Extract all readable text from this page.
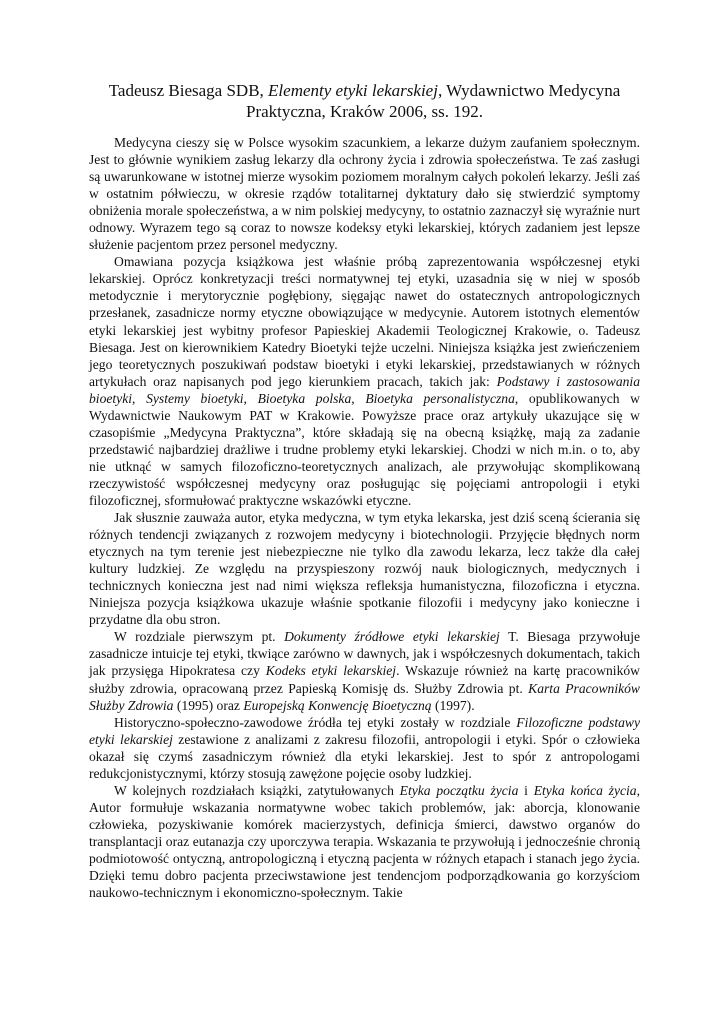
Tadeusz Biesaga SDB, Elementy etyki lekarskiej, Wydawnictwo Medycyna Praktyczna, Kraków 2006, ss. 192.

Medycyna cieszy się w Polsce wysokim szacunkiem, a lekarze dużym zaufaniem społecznym. Jest to głównie wynikiem zasług lekarzy dla ochrony życia i zdrowia społeczeństwa. Te zaś zasługi są uwarunkowane w istotnej mierze wysokim poziomem moralnym całych pokoleń lekarzy. Jeśli zaś w ostatnim półwieczu, w okresie rządów totalitarnej dyktatury dało się stwierdzić symptomy obniżenia morale społeczeństwa, a w nim polskiej medycyny, to ostatnio zaznaczył się wyraźnie nurt odnowy. Wyrazem tego są coraz to nowsze kodeksy etyki lekarskiej, których zadaniem jest lepsze służenie pacjentom przez personel medyczny.

Omawiana pozycja książkowa jest właśnie próbą zaprezentowania współczesnej etyki lekarskiej. Oprócz konkretyzacji treści normatywnej tej etyki, uzasadnia się w niej w sposób metodycznie i merytorycznie pogłębiony, sięgając nawet do ostatecznych antropologicznych przesłanek, zasadnicze normy etyczne obowiązujące w medycynie. Autorem istotnych elementów etyki lekarskiej jest wybitny profesor Papieskiej Akademii Teologicznej Krakowie, o. Tadeusz Biesaga. Jest on kierownikiem Katedry Bioetyki tejże uczelni. Niniejsza książka jest zwieńczeniem jego teoretycznych poszukiwań podstaw bioetyki i etyki lekarskiej, przedstawianych w różnych artykułach oraz napisanych pod jego kierunkiem pracach, takich jak: Podstawy i zastosowania bioetyki, Systemy bioetyki, Bioetyka polska, Bioetyka personalistyczna, opublikowanych w Wydawnictwie Naukowym PAT w Krakowie. Powyższe prace oraz artykuły ukazujące się w czasopiśmie „Medycyna Praktyczna”, które składają się na obecną książkę, mają za zadanie przedstawić najbardziej drażliwe i trudne problemy etyki lekarskiej. Chodzi w nich m.in. o to, aby nie utknąć w samych filozoficzno-teoretycznych analizach, ale przywołując skomplikowaną rzeczywistość współczesnej medycyny oraz posługując się pojęciami antropologii i etyki filozoficznej, sformułować praktyczne wskazówki etyczne.

Jak słusznie zauważa autor, etyka medyczna, w tym etyka lekarska, jest dziś sceną ścierania się różnych tendencji związanych z rozwojem medycyny i biotechnologii. Przyjęcie błędnych norm etycznych na tym terenie jest niebezpieczne nie tylko dla zawodu lekarza, lecz także dla całej kultury ludzkiej. Ze względu na przyspieszony rozwój nauk biologicznych, medycznych i technicznych konieczna jest nad nimi większa refleksja humanistyczna, filozoficzna i etyczna. Niniejsza pozycja książkowa ukazuje właśnie spotkanie filozofii i medycyny jako konieczne i przydatne dla obu stron.

W rozdziale pierwszym pt. Dokumenty źródłowe etyki lekarskiej T. Biesaga przywołuje zasadnicze intuicje tej etyki, tkwiące zarówno w dawnych, jak i współczesnych dokumentach, takich jak przysięga Hipokratesa czy Kodeks etyki lekarskiej. Wskazuje również na kartę pracowników służby zdrowia, opracowaną przez Papieską Komisję ds. Służby Zdrowia pt. Karta Pracowników Służby Zdrowia (1995) oraz Europejską Konwencję Bioetyczną (1997).

Historyczno-społeczno-zawodowe źródła tej etyki zostały w rozdziale Filozoficzne podstawy etyki lekarskiej zestawione z analizami z zakresu filozofii, antropologii i etyki. Spór o człowieka okazał się czymś zasadniczym również dla etyki lekarskiej. Jest to spór z antropologami redukcjonistycznymi, którzy stosują zawężone pojęcie osoby ludzkiej.

W kolejnych rozdziałach książki, zatytułowanych Etyka początku życia i Etyka końca życia, Autor formułuje wskazania normatywne wobec takich problemów, jak: aborcja, klonowanie człowieka, pozyskiwanie komórek macierzystych, definicja śmierci, dawstwo organów do transplantacji oraz eutanazja czy uporczywa terapia. Wskazania te przywołują i jednocześnie chronią podmiotowość ontyczną, antropologiczną i etyczną pacjenta w różnych etapach i stanach jego życia. Dzięki temu dobro pacjenta przeciwstawione jest tendencjom podporządkowania go korzyściom naukowo-technicznym i ekonomiczno-społecznym. Takie
